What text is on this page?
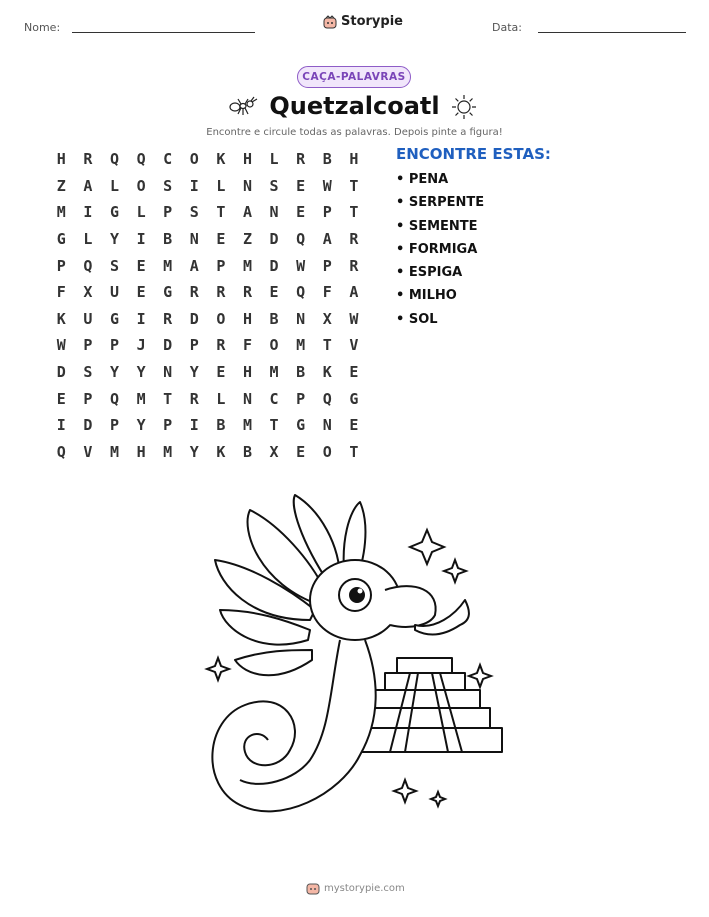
Nome:	Storypie	Data:
CAÇA-PALAVRAS
Quetzalcoatl
Encontre e circule todas as palavras. Depois pinte a figura!
H	R	Q	Q	C	O	K	H	L	R	B	H
Z	A	L	O	S	I	L	N	S	E	W	T
M	I	G	L	P	S	T	A	N	E	P	T
G	L	Y	I	B	N	E	Z	D	Q	A	R
P	Q	S	E	M	A	P	M	D	W	P	R
F	X	U	E	G	R	R	R	E	Q	F	A
K	U	G	I	R	D	O	H	B	N	X	W
W	P	P	J	D	P	R	F	O	M	T	V
D	S	Y	Y	N	Y	E	H	M	B	K	E
E	P	Q	M	T	R	L	N	C	P	Q	G
I	D	P	Y	P	I	B	M	T	G	N	E
Q	V	M	H	M	Y	K	B	X	E	O	T
ENCONTRE ESTAS:
• PENA
• SERPENTE
• SEMENTE
• FORMIGA
• ESPIGA
• MILHO
• SOL
mystorypie.com
